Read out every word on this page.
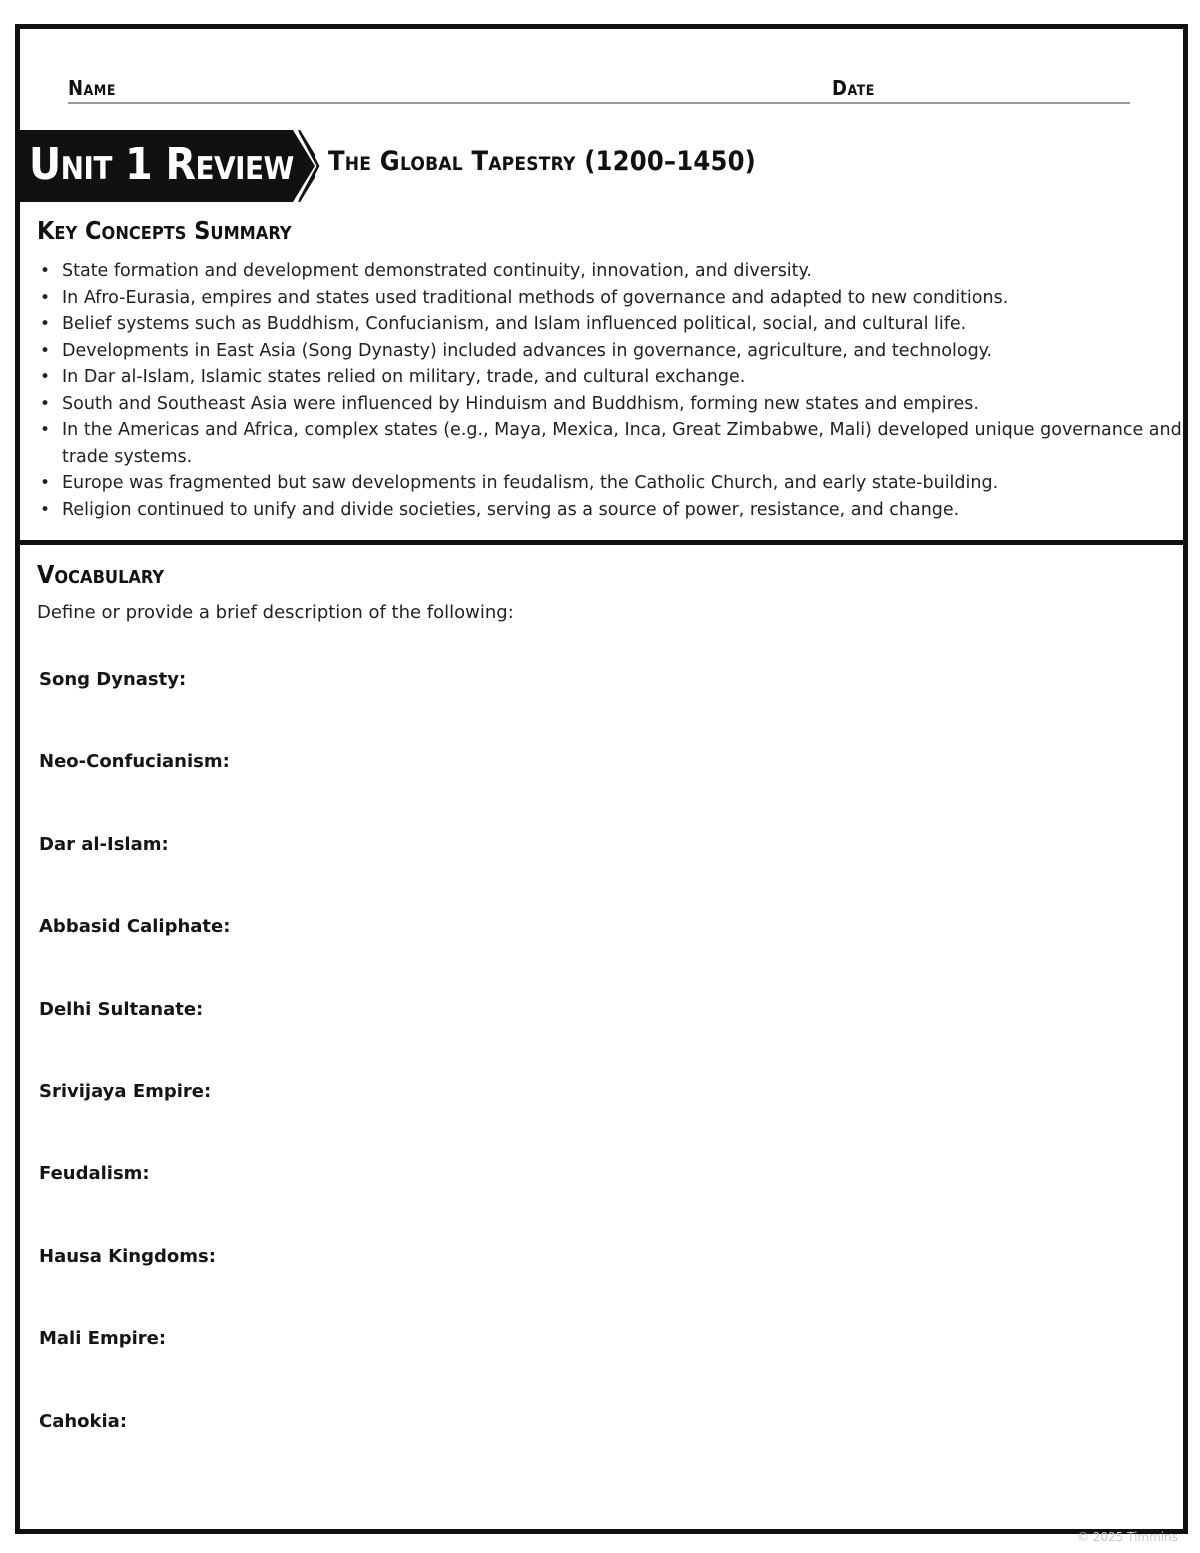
Name	Date
Unit 1 Review The Global Tapestry (1200–1450)
Key Concepts Summary
• State formation and development demonstrated continuity, innovation, and diversity.
• In Afro-Eurasia, empires and states used traditional methods of governance and adapted to new conditions.
• Belief systems such as Buddhism, Confucianism, and Islam influenced political, social, and cultural life.
• Developments in East Asia (Song Dynasty) included advances in governance, agriculture, and technology.
• In Dar al-Islam, Islamic states relied on military, trade, and cultural exchange.
• South and Southeast Asia were influenced by Hinduism and Buddhism, forming new states and empires.
• In the Americas and Africa, complex states (e.g., Maya, Mexica, Inca, Great Zimbabwe, Mali) developed unique governance and trade systems.
• Europe was fragmented but saw developments in feudalism, the Catholic Church, and early state-building.
• Religion continued to unify and divide societies, serving as a source of power, resistance, and change.
Vocabulary
Define or provide a brief description of the following:
Song Dynasty:
Neo-Confucianism:
Dar al-Islam:
Abbasid Caliphate:
Delhi Sultanate:
Srivijaya Empire:
Feudalism:
Hausa Kingdoms:
Mali Empire:
Cahokia:
© 2025 Timmins
